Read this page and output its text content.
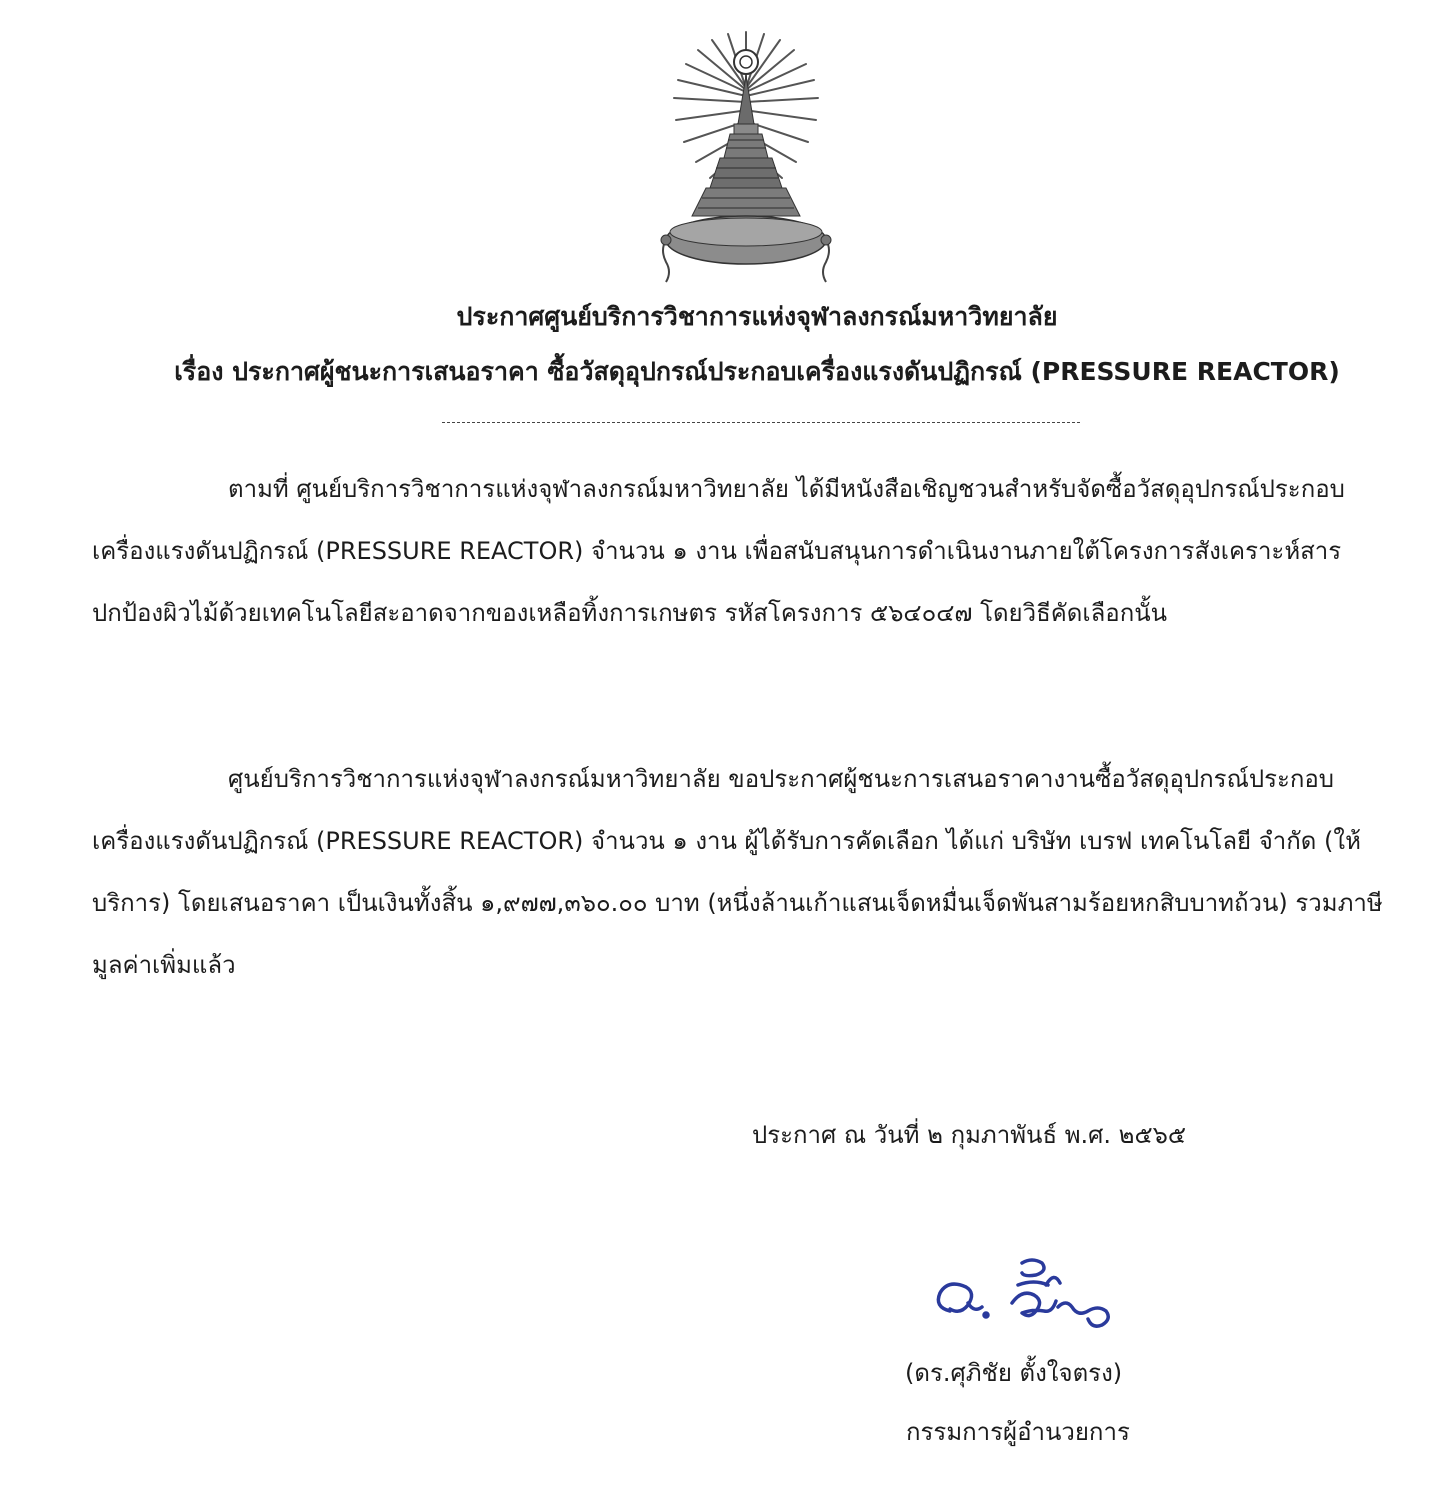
ประกาศศูนย์บริการวิชาการแห่งจุฬาลงกรณ์มหาวิทยาลัย
เรื่อง ประกาศผู้ชนะการเสนอราคา ซื้อวัสดุอุปกรณ์ประกอบเครื่องแรงดันปฏิกรณ์ (PRESSURE REACTOR)
ตามที่ ศูนย์บริการวิชาการแห่งจุฬาลงกรณ์มหาวิทยาลัย ได้มีหนังสือเชิญชวนสำหรับจัดซื้อวัสดุอุปกรณ์ประกอบเครื่องแรงดันปฏิกรณ์ (PRESSURE REACTOR) จำนวน ๑ งาน เพื่อสนับสนุนการดำเนินงานภายใต้โครงการสังเคราะห์สารปกป้องผิวไม้ด้วยเทคโนโลยีสะอาดจากของเหลือทิ้งการเกษตร รหัสโครงการ ๕๖๔๐๔๗ โดยวิธีคัดเลือกนั้น
ศูนย์บริการวิชาการแห่งจุฬาลงกรณ์มหาวิทยาลัย ขอประกาศผู้ชนะการเสนอราคางานซื้อวัสดุอุปกรณ์ประกอบเครื่องแรงดันปฏิกรณ์ (PRESSURE REACTOR) จำนวน ๑ งาน ผู้ได้รับการคัดเลือก ได้แก่ บริษัท เบรฟ เทคโนโลยี จำกัด (ให้บริการ) โดยเสนอราคา เป็นเงินทั้งสิ้น ๑,๙๗๗,๓๖๐.๐๐ บาท (หนึ่งล้านเก้าแสนเจ็ดหมื่นเจ็ดพันสามร้อยหกสิบบาทถ้วน) รวมภาษีมูลค่าเพิ่มแล้ว
ประกาศ ณ วันที่ ๒ กุมภาพันธ์ พ.ศ. ๒๕๖๕
(ดร.ศุภิชัย ตั้งใจตรง)
กรรมการผู้อำนวยการ
